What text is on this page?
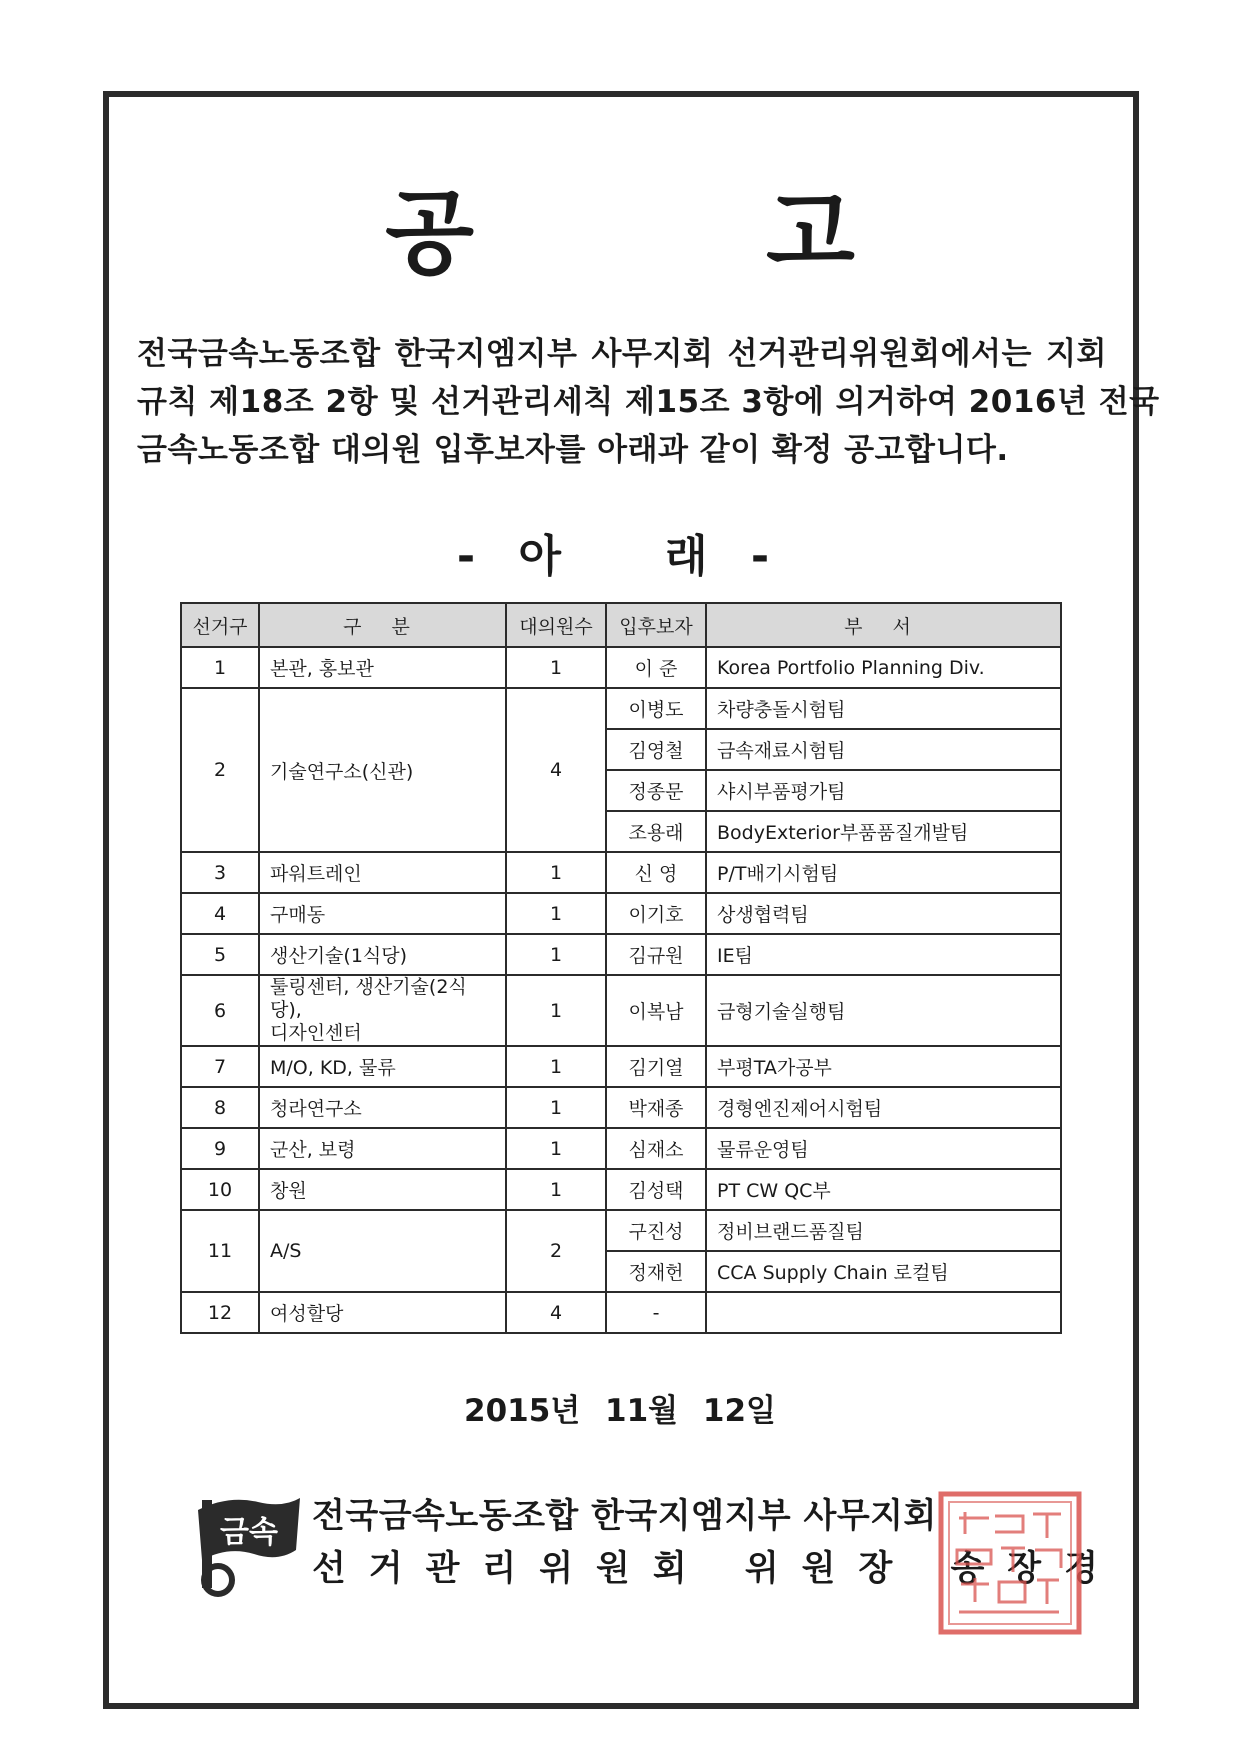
공 고
전국금속노동조합 한국지엠지부 사무지회 선거관리위원회에서는 지회
규칙 제18조 2항 및 선거관리세칙 제15조 3항에 의거하여 2016년 전국
금속노동조합 대의원 입후보자를 아래과 같이 확정 공고합니다.
- 아 래 -
선거구	구 분	대의원수	입후보자	부 서
1	본관, 홍보관	1	이 준	Korea Portfolio Planning Div.
2	기술연구소(신관)	4	이병도	차량충돌시험팀
			김영철	금속재료시험팀
			정종문	샤시부품평가팀
			조용래	BodyExterior부품품질개발팀
3	파워트레인	1	신 영	P/T배기시험팀
4	구매동	1	이기호	상생협력팀
5	생산기술(1식당)	1	김규원	IE팀
6	툴링센터, 생산기술(2식당),
디자인센터	1	이복남	금형기술실행팀
7	M/O, KD, 물류	1	김기열	부평TA가공부
8	청라연구소	1	박재종	경형엔진제어시험팀
9	군산, 보령	1	심재소	물류운영팀
10	창원	1	김성택	PT CW QC부
11	A/S	2	구진성	정비브랜드품질팀
			정재헌	CCA Supply Chain 로컬팀
12	여성할당	4	-	
2015년 11월 12일
금속 전국금속노동조합 한국지엠지부 사무지회
선거관리위원회 위원장 송장경
